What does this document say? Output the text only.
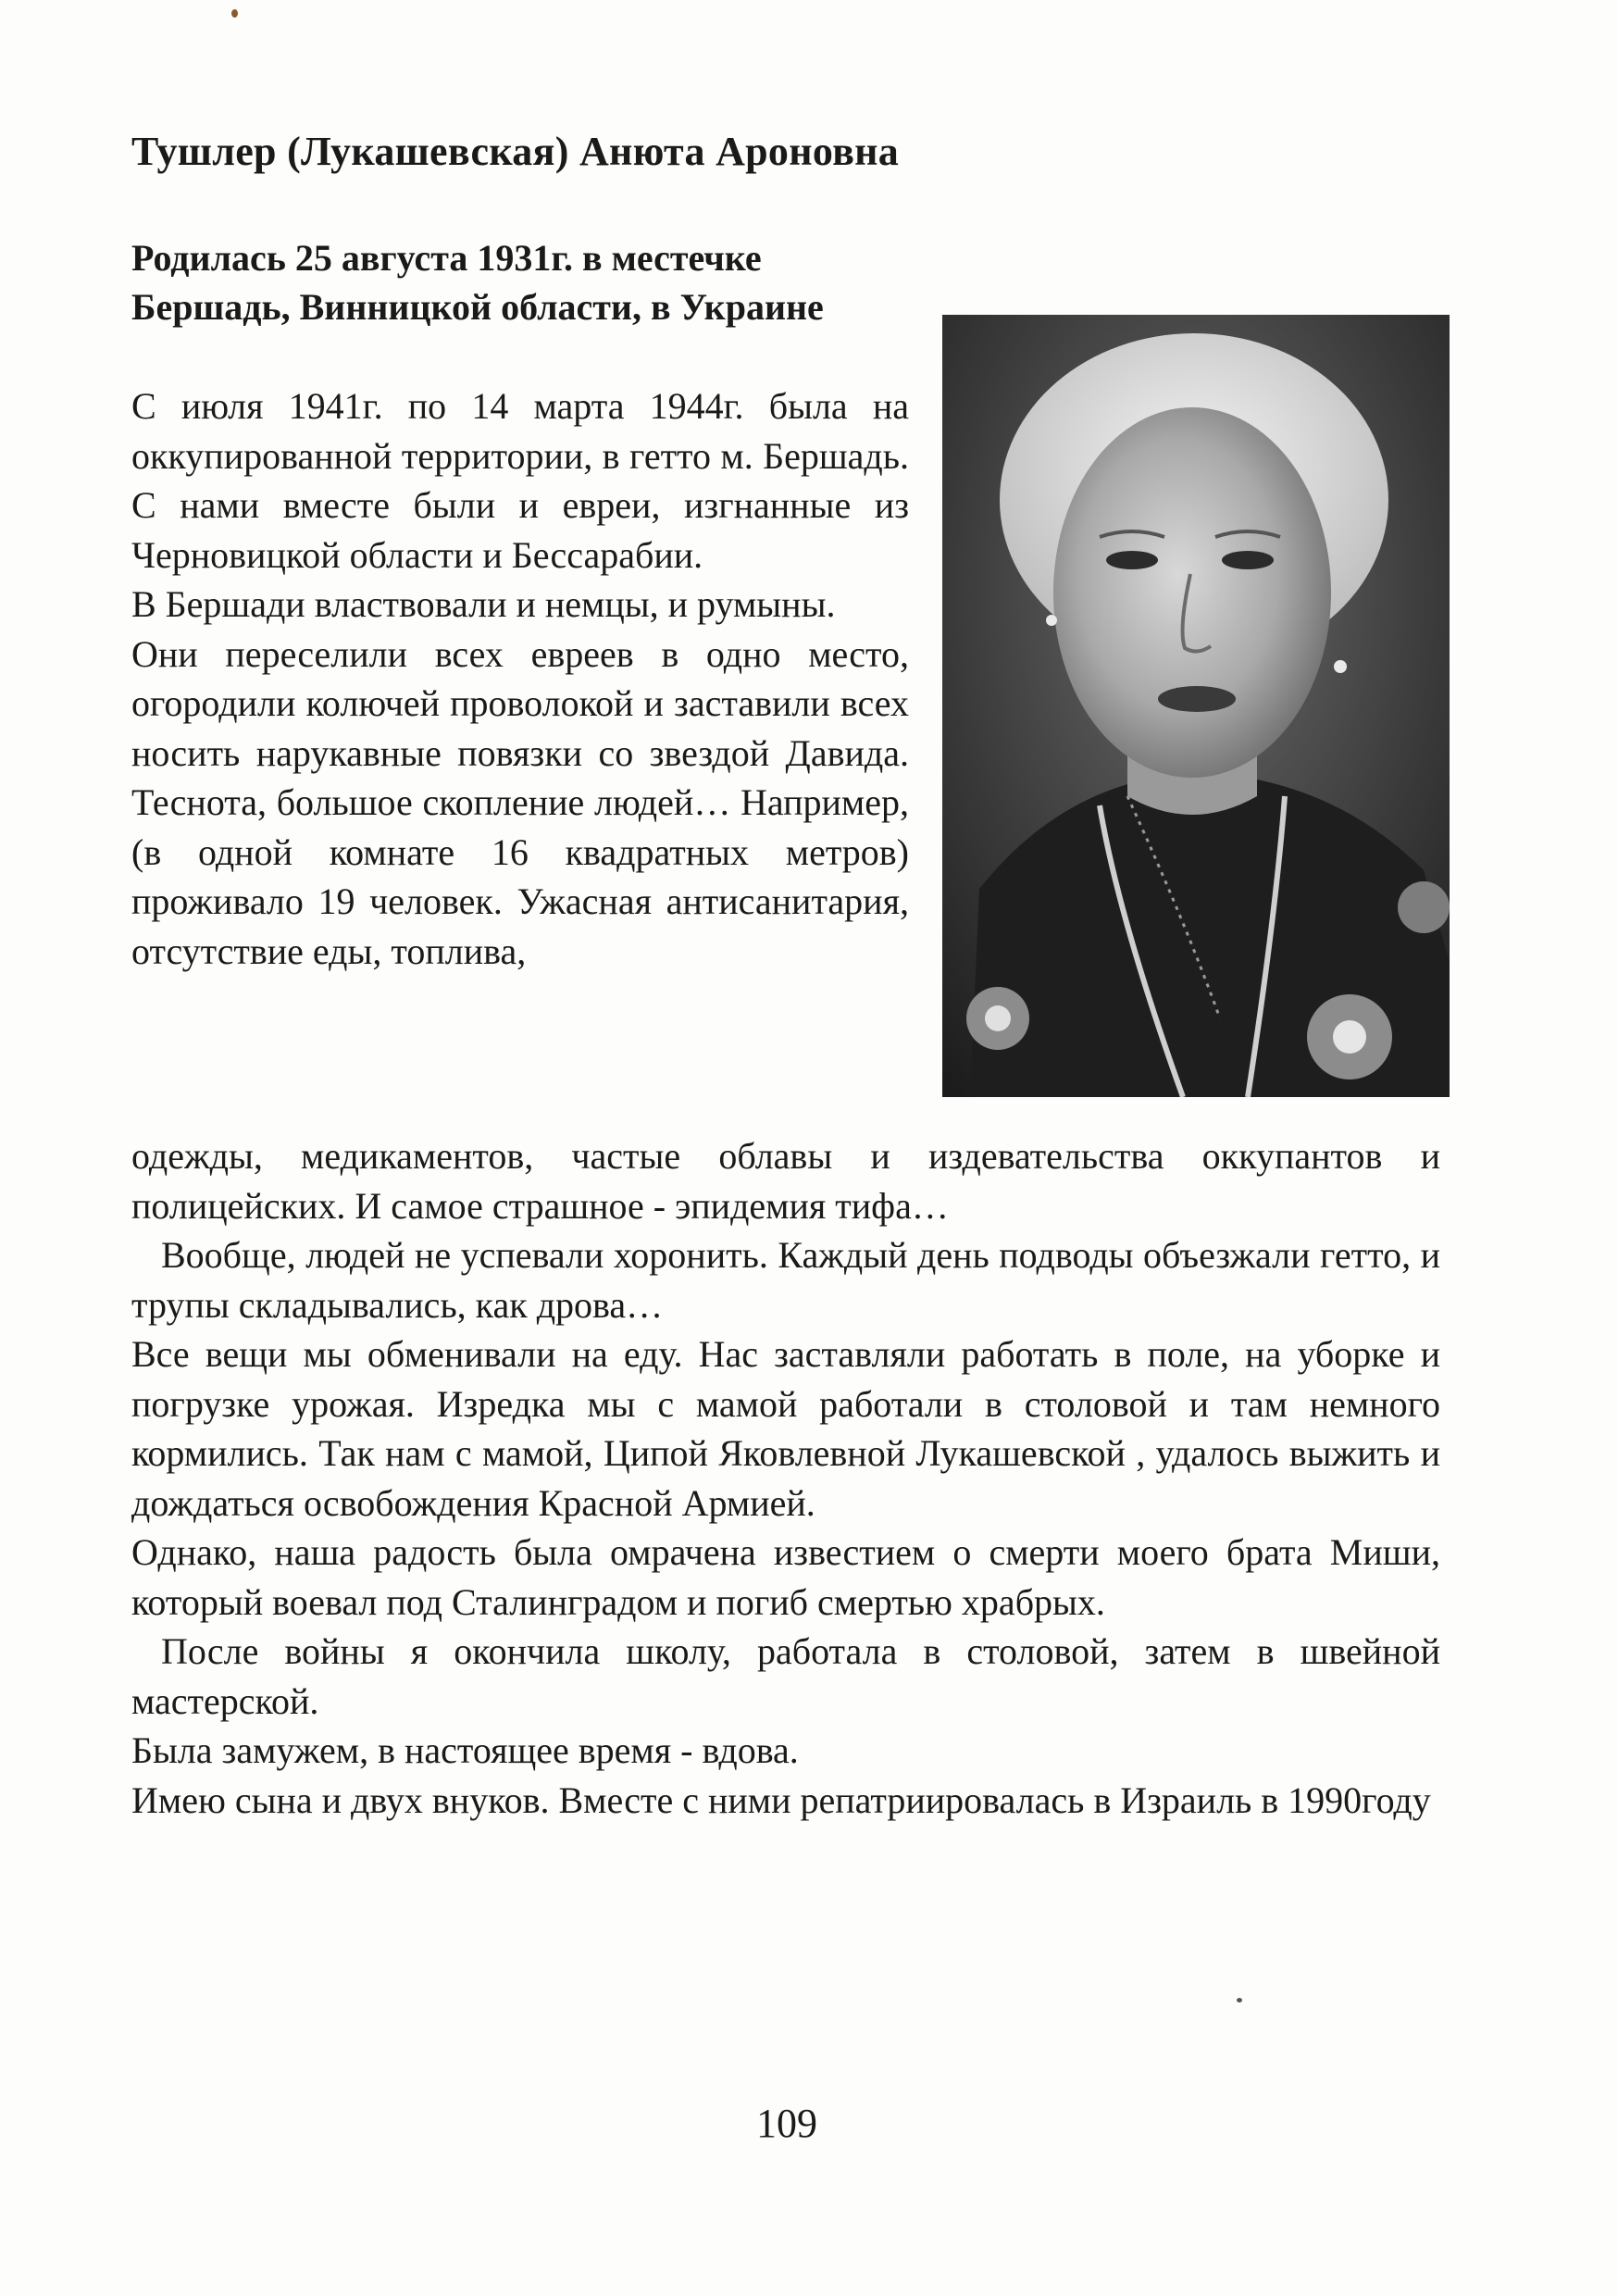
Тушлер (Лукашевская) Анюта Ароновна

Родилась 25 августа 1931г. в местечке Бершадь, Винницкой области, в Украине

С июля 1941г. по 14 марта 1944г. была на оккупированной территории, в гетто м. Бершадь. С нами вместе были и евреи, изгнанные из Черновицкой области и Бессарабии.

В Бершади властвовали и немцы, и румыны.

Они переселили всех евреев в одно место, огородили колючей проволокой и заставили всех носить нарукавные повязки со звездой Давида. Теснота, большое скопление людей… Например, (в одной комнате 16 квадратных метров) проживало 19 человек. Ужасная антисанитария, отсутствие еды, топлива,

одежды, медикаментов, частые облавы и издевательства оккупантов и полицейских. И самое страшное - эпидемия тифа…

Вообще, людей не успевали хоронить. Каждый день подводы объезжали гетто, и трупы складывались, как дрова…

Все вещи мы обменивали на еду. Нас заставляли работать в поле, на уборке и погрузке урожая. Изредка мы с мамой работали в столовой и там немного кормились. Так нам с мамой, Ципой Яковлевной Лукашевской , удалось выжить и дождаться освобождения Красной Армией.

Однако, наша радость была омрачена известием о смерти моего брата Миши, который воевал под Сталинградом и погиб смертью храбрых.

После войны я окончила школу, работала в столовой, затем в швейной мастерской.

Была замужем, в настоящее время - вдова.

Имею сына и двух внуков. Вместе с ними репатриировалась в Израиль в 1990году

109
